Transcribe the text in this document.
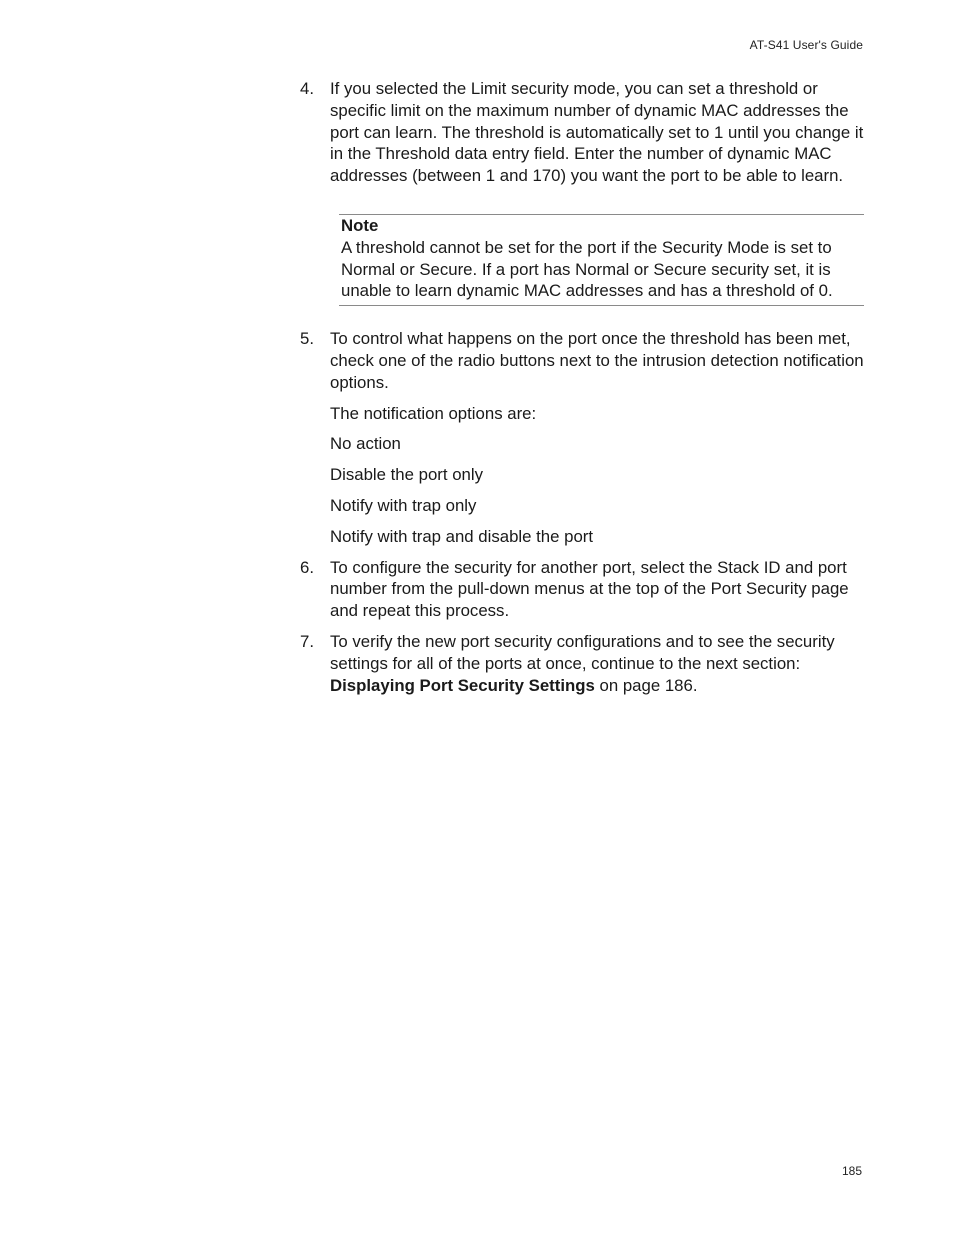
AT-S41 User's Guide
4. If you selected the Limit security mode, you can set a threshold or specific limit on the maximum number of dynamic MAC addresses the port can learn. The threshold is automatically set to 1 until you change it in the Threshold data entry field. Enter the number of dynamic MAC addresses (between 1 and 170) you want the port to be able to learn.

Note

A threshold cannot be set for the port if the Security Mode is set to Normal or Secure. If a port has Normal or Secure security set, it is unable to learn dynamic MAC addresses and has a threshold of 0.

5. To control what happens on the port once the threshold has been met, check one of the radio buttons next to the intrusion detection notification options.

The notification options are:
No action
Disable the port only
Notify with trap only
Notify with trap and disable the port
6. To configure the security for another port, select the Stack ID and port number from the pull-down menus at the top of the Port Security page and repeat this process.

7. To verify the new port security configurations and to see the security settings for all of the ports at once, continue to the next section: Displaying Port Security Settings on page 186.

185
